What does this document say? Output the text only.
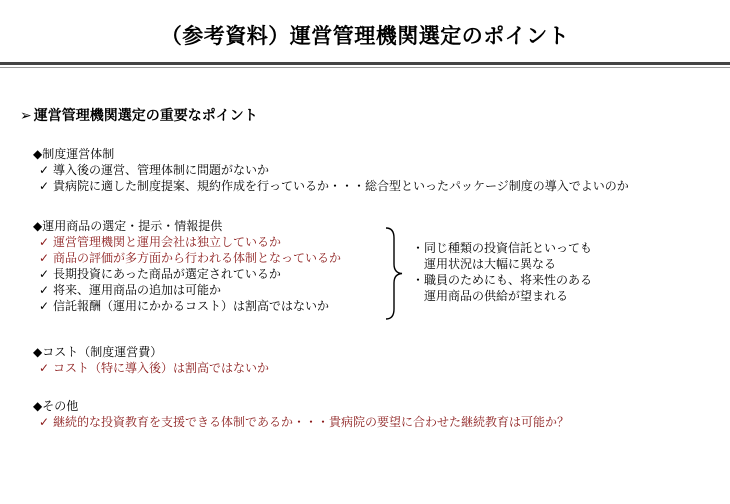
（参考資料）運営管理機関選定のポイント
➢ 運営管理機関選定の重要なポイント
◆制度運営体制
✓ 導入後の運営、管理体制に問題がないか
✓ 貴病院に適した制度提案、規約作成を行っているか・・・総合型といったパッケージ制度の導入でよいのか
◆運用商品の選定・提示・情報提供
✓ 運営管理機関と運用会社は独立しているか
✓ 商品の評価が多方面から行われる体制となっているか
✓ 長期投資にあった商品が選定されているか
✓ 将来、運用商品の追加は可能か
✓ 信託報酬（運用にかかるコスト）は割高ではないか
・同じ種類の投資信託といっても
　運用状況は大幅に異なる
・職員のためにも、将来性のある
　運用商品の供給が望まれる
◆コスト（制度運営費）
✓ コスト（特に導入後）は割高ではないか
◆その他
✓ 継続的な投資教育を支援できる体制であるか・・・貴病院の要望に合わせた継続教育は可能か？
